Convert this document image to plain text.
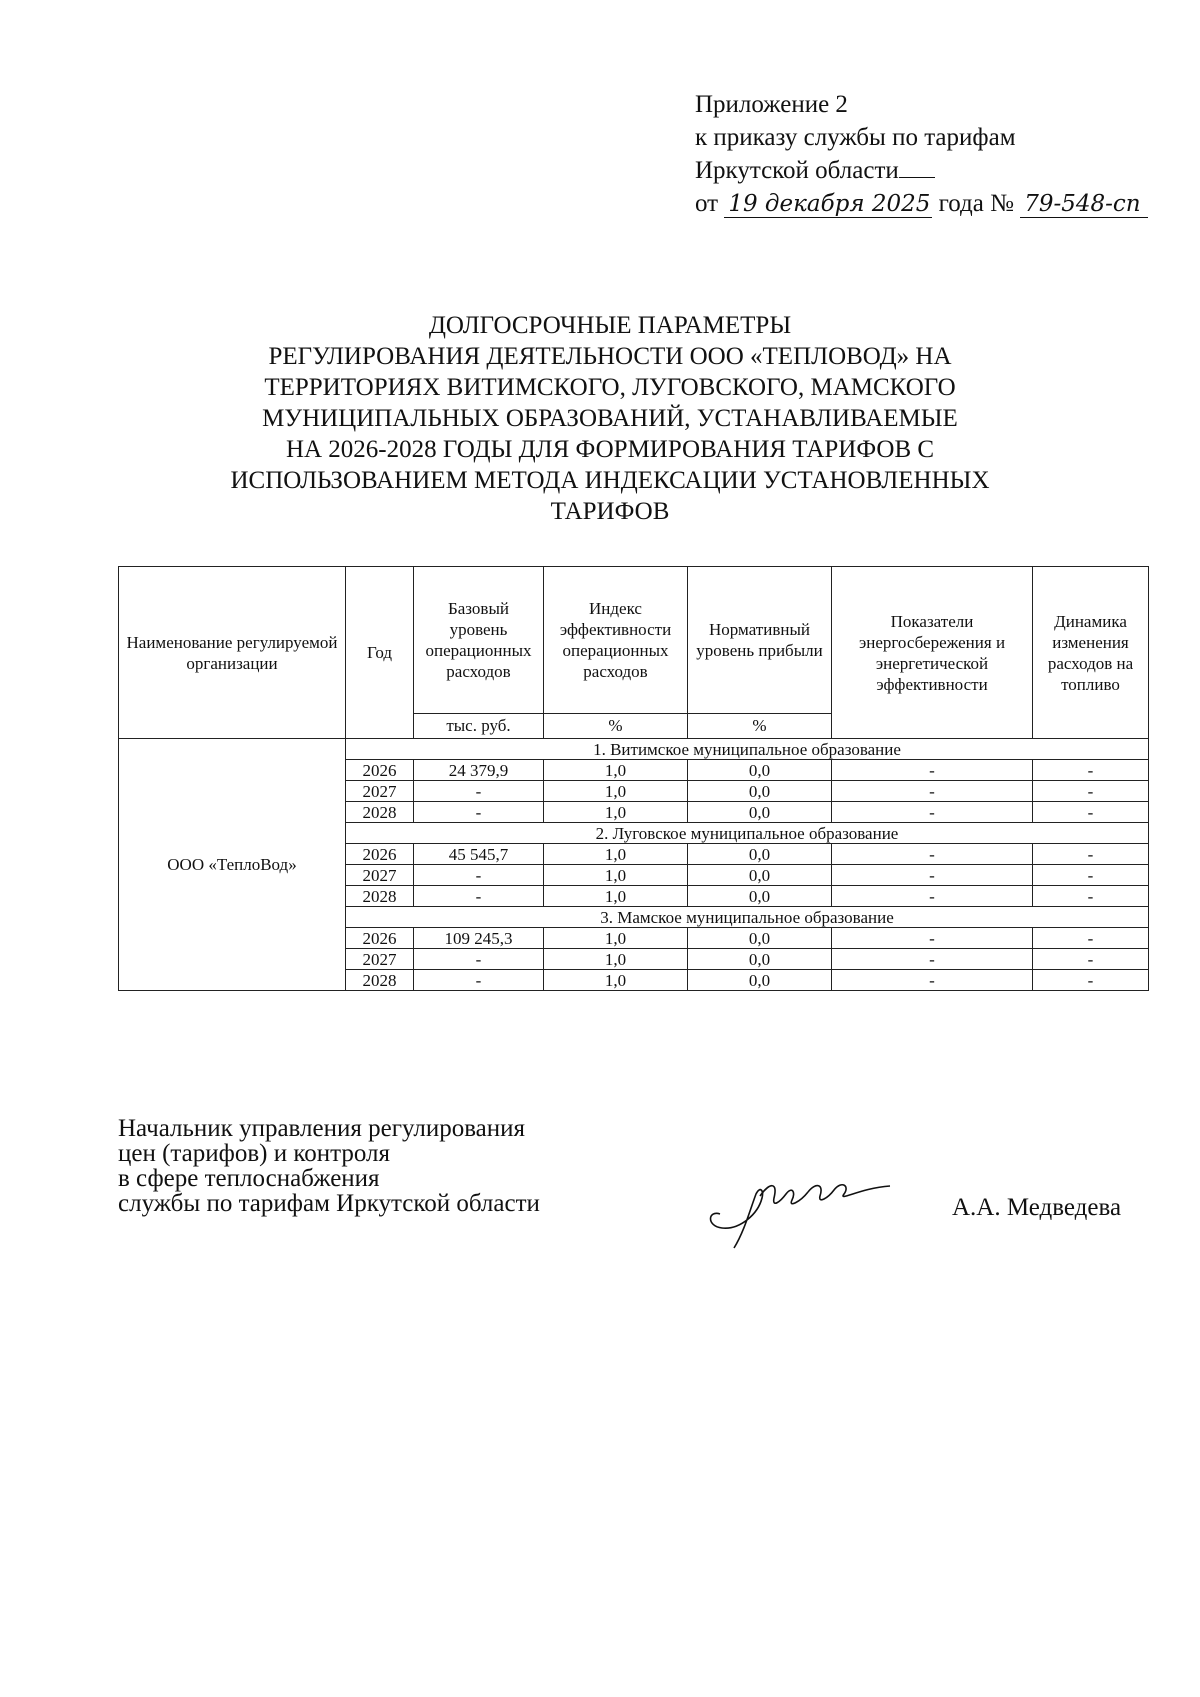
Приложение 2
к приказу службы по тарифам
Иркутской области
от 19 декабря 2025 года № 79-548-сп
ДОЛГОСРОЧНЫЕ ПАРАМЕТРЫ
РЕГУЛИРОВАНИЯ ДЕЯТЕЛЬНОСТИ ООО «ТЕПЛОВОД» НА
ТЕРРИТОРИЯХ ВИТИМСКОГО, ЛУГОВСКОГО, МАМСКОГО
МУНИЦИПАЛЬНЫХ ОБРАЗОВАНИЙ, УСТАНАВЛИВАЕМЫЕ
НА 2026-2028 ГОДЫ ДЛЯ ФОРМИРОВАНИЯ ТАРИФОВ С
ИСПОЛЬЗОВАНИЕМ МЕТОДА ИНДЕКСАЦИИ УСТАНОВЛЕННЫХ
ТАРИФОВ
Наименование регулируемой организации	Год	Базовый уровень операционных расходов	Индекс эффективности операционных расходов	Нормативный уровень прибыли	Показатели энергосбережения и энергетической эффективности	Динамика изменения расходов на топливо
		тыс. руб.	%	%		
ООО «ТеплоВод»	1. Витимское муниципальное образование					
	2026	24 379,9	1,0	0,0	-	-
	2027	-	1,0	0,0	-	-
	2028	-	1,0	0,0	-	-
	2. Луговское муниципальное образование					
	2026	45 545,7	1,0	0,0	-	-
	2027	-	1,0	0,0	-	-
	2028	-	1,0	0,0	-	-
	3. Мамское муниципальное образование					
	2026	109 245,3	1,0	0,0	-	-
	2027	-	1,0	0,0	-	-
	2028	-	1,0	0,0	-	-
Начальник управления регулирования
цен (тарифов) и контроля
в сфере теплоснабжения
службы по тарифам Иркутской области	А.А. Медведева
